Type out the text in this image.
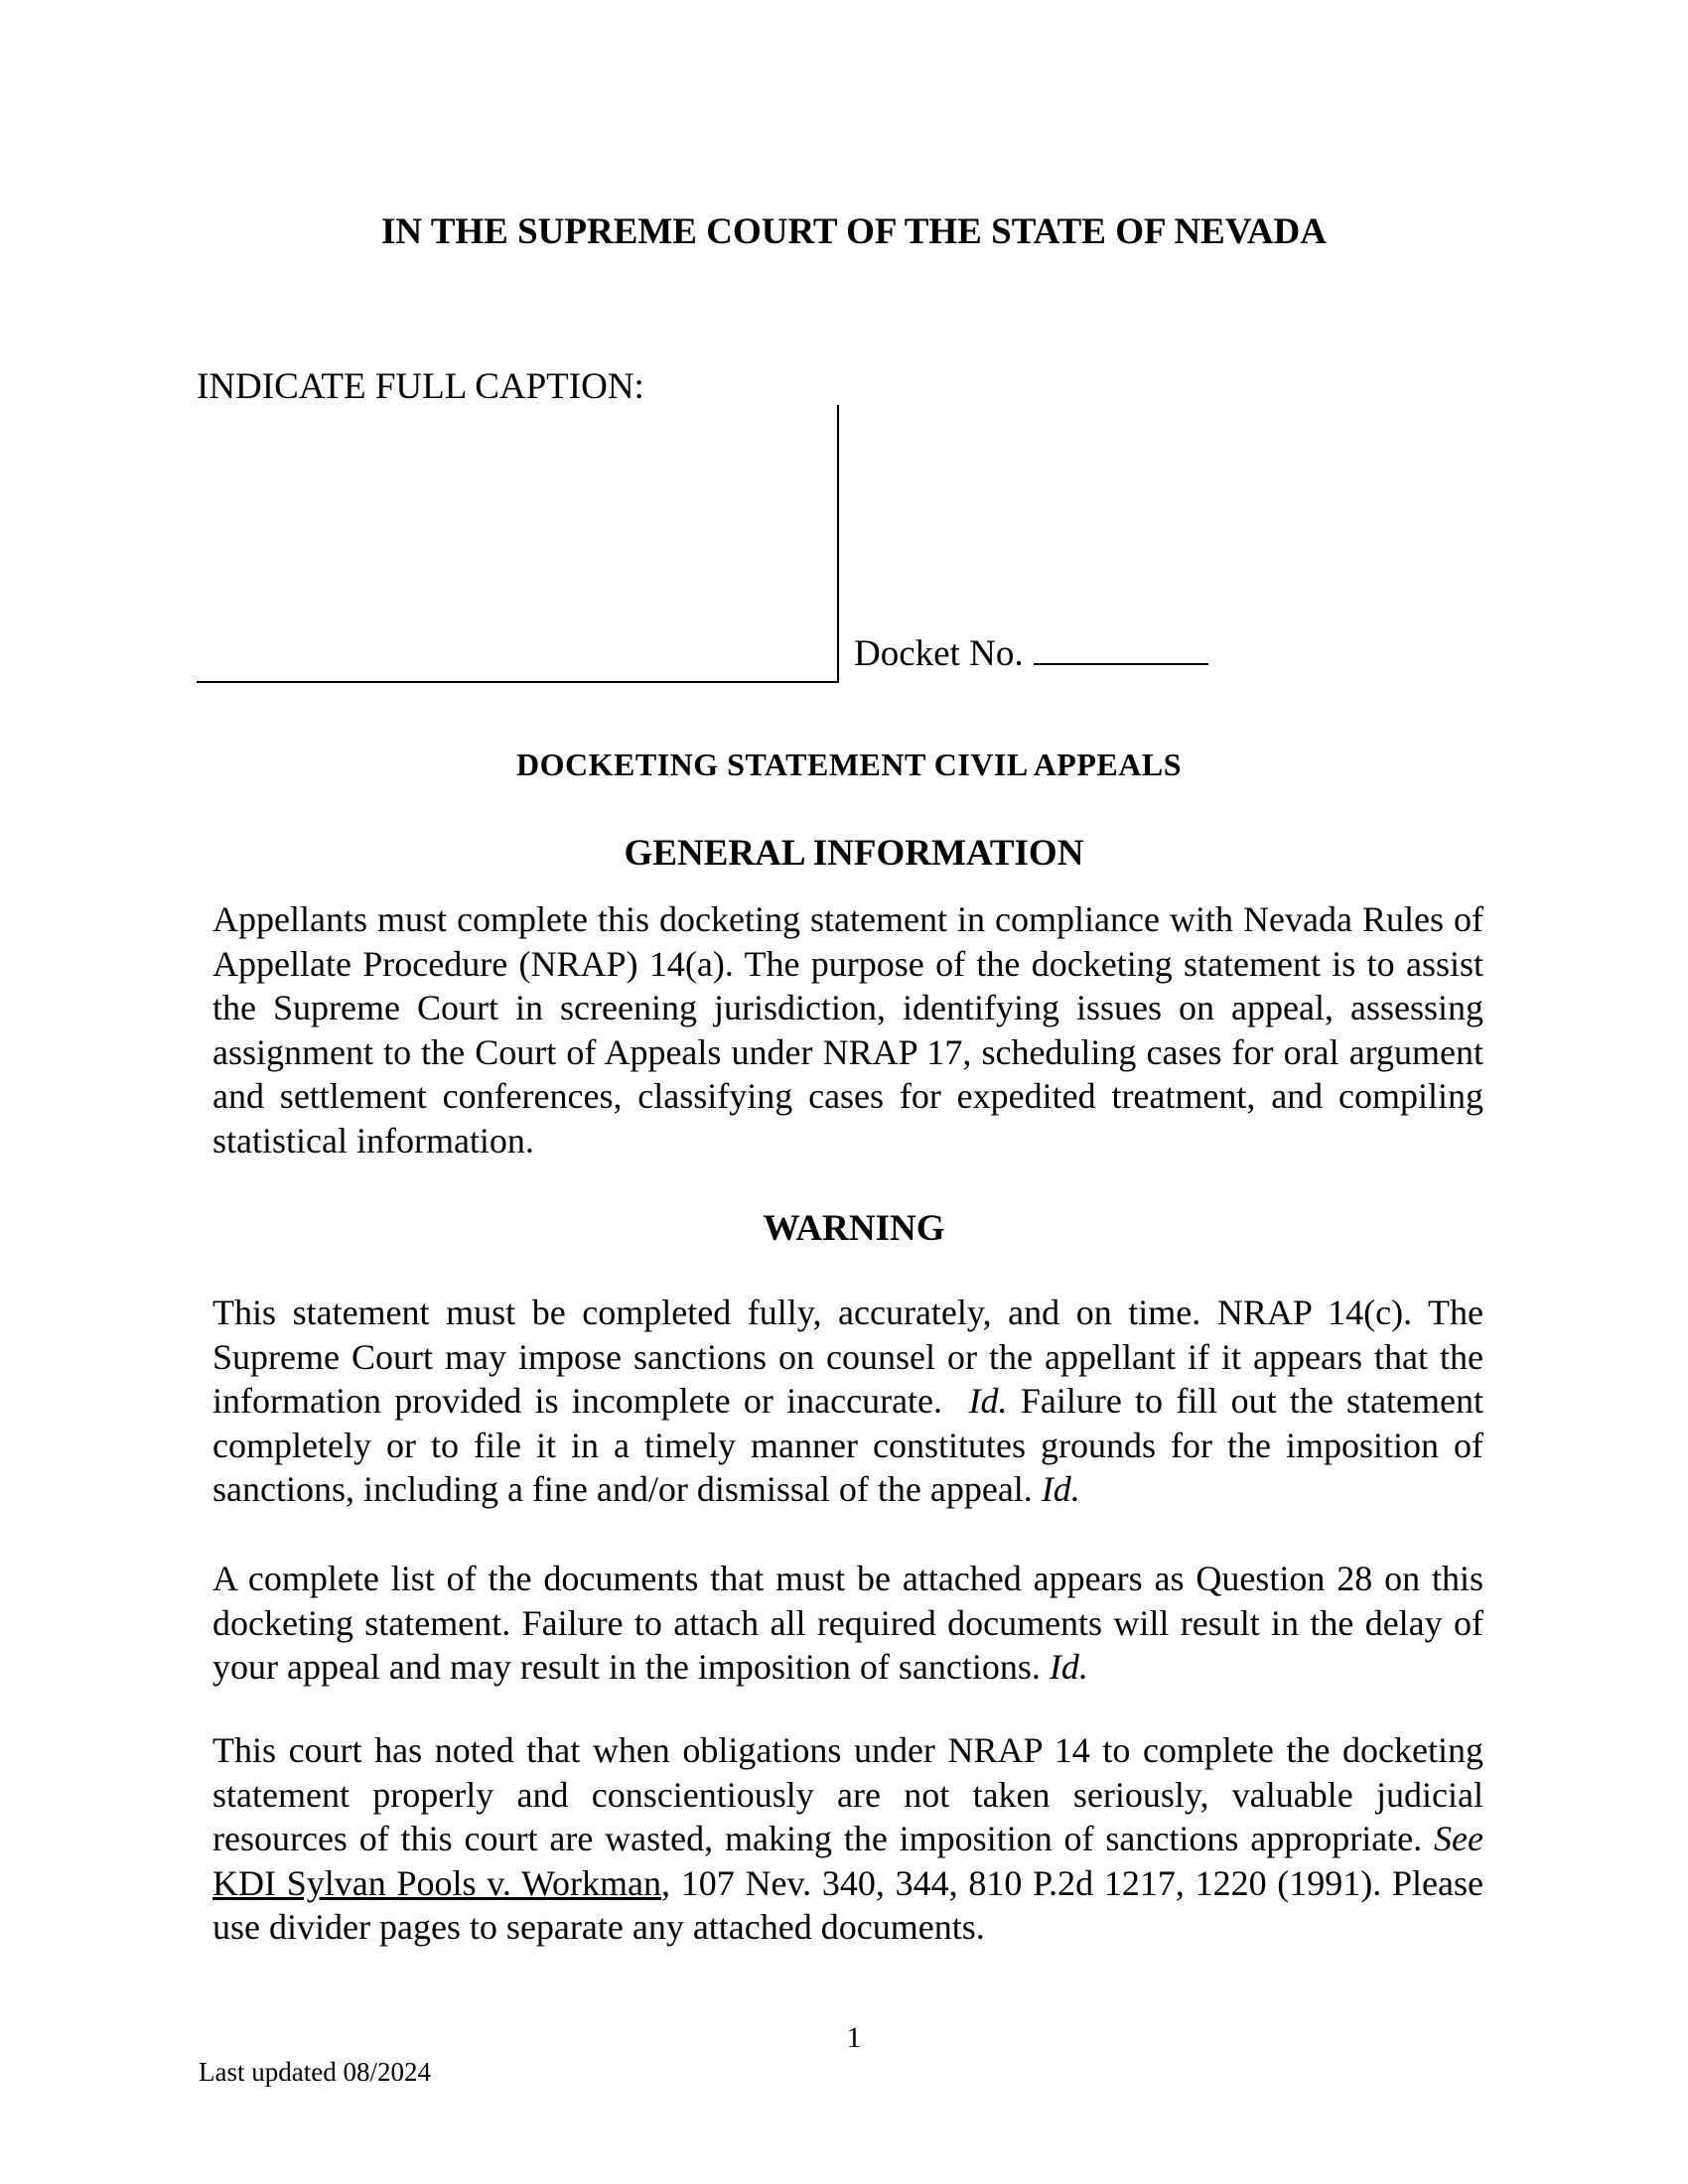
IN THE SUPREME COURT OF THE STATE OF NEVADA
INDICATE FULL CAPTION:
Docket No.
DOCKETING STATEMENT CIVIL APPEALS
GENERAL INFORMATION

Appellants must complete this docketing statement in compliance with Nevada Rules of Appellate Procedure (NRAP) 14(a). The purpose of the docketing statement is to assist the Supreme Court in screening jurisdiction, identifying issues on appeal, assessing assignment to the Court of Appeals under NRAP 17, scheduling cases for oral argument and settlement conferences, classifying cases for expedited treatment, and compiling statistical information.

WARNING

This statement must be completed fully, accurately, and on time. NRAP 14(c). The Supreme Court may impose sanctions on counsel or the appellant if it appears that the information provided is incomplete or inaccurate. Id. Failure to fill out the statement completely or to file it in a timely manner constitutes grounds for the imposition of sanctions, including a fine and/or dismissal of the appeal. Id.

A complete list of the documents that must be attached appears as Question 28 on this docketing statement. Failure to attach all required documents will result in the delay of your appeal and may result in the imposition of sanctions. Id.

This court has noted that when obligations under NRAP 14 to complete the docketing statement properly and conscientiously are not taken seriously, valuable judicial resources of this court are wasted, making the imposition of sanctions appropriate. See KDI Sylvan Pools v. Workman, 107 Nev. 340, 344, 810 P.2d 1217, 1220 (1991). Please use divider pages to separate any attached documents.

1
Last updated 08/2024
